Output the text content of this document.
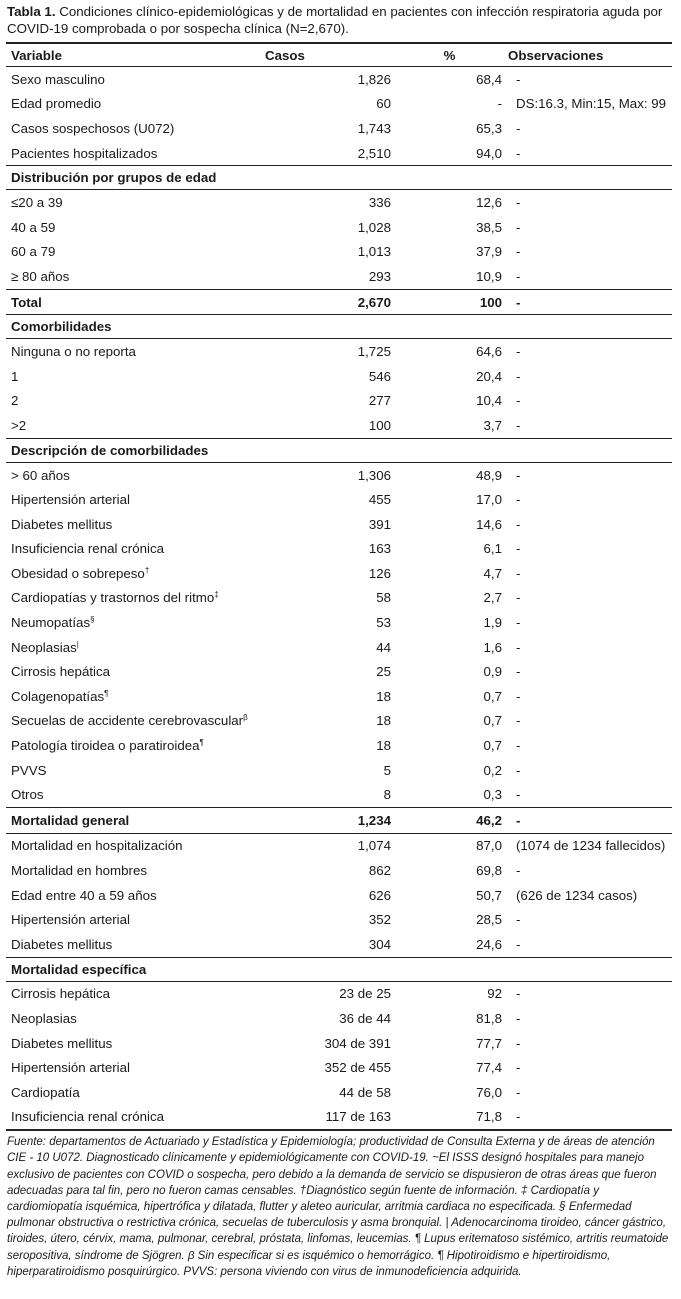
Tabla 1. Condiciones clínico-epidemiológicas y de mortalidad en pacientes con infección respiratoria aguda por COVID-19 comprobada o por sospecha clínica (N=2,670).
Variable	Casos	%	Observaciones
Sexo masculino	1,826	68,4	-
Edad promedio	60	-	DS:16.3, Min:15, Max: 99
Casos sospechosos (U072)	1,743	65,3	-
Pacientes hospitalizados	2,510	94,0	-
Distribución por grupos de edad			
≤20 a 39	336	12,6	-
40 a 59	1,028	38,5	-
60 a 79	1,013	37,9	-
≥ 80 años	293	10,9	-
Total	2,670	100	-
Comorbilidades			
Ninguna o no reporta	1,725	64,6	-
1	546	20,4	-
2	277	10,4	-
>2	100	3,7	-
Descripción de comorbilidades			
> 60 años	1,306	48,9	-
Hipertensión arterial	455	17,0	-
Diabetes mellitus	391	14,6	-
Insuficiencia renal crónica	163	6,1	-
Obesidad o sobrepeso†	126	4,7	-
Cardiopatías y trastornos del ritmo‡	58	2,7	-
Neumopatías§	53	1,9	-
Neoplasias|	44	1,6	-
Cirrosis hepática	25	0,9	-
Colagenopatías¶	18	0,7	-
Secuelas de accidente cerebrovascular$^\beta$	18	0,7	-
Patología tiroidea o paratiroidea¶	18	0,7	-
PVVS	5	0,2	-
Otros	8	0,3	-
Mortalidad general	1,234	46,2	-
Mortalidad en hospitalización	1,074	87,0	(1074 de 1234 fallecidos)
Mortalidad en hombres	862	69,8	-
Edad entre 40 a 59 años	626	50,7	(626 de 1234 casos)
Hipertensión arterial	352	28,5	-
Diabetes mellitus	304	24,6	-
Mortalidad específica			
Cirrosis hepática	23 de 25	92	-
Neoplasias	36 de 44	81,8	-
Diabetes mellitus	304 de 391	77,7	-
Hipertensión arterial	352 de 455	77,4	-
Cardiopatía	44 de 58	76,0	-
Insuficiencia renal crónica	117 de 163	71,8	-
Fuente: departamentos de Actuariado y Estadística y Epidemiología; productividad de Consulta Externa y de áreas de atención CIE - 10 U072. Diagnosticado clínicamente y epidemiológicamente con COVID-19. ~El ISSS designó hospitales para manejo exclusivo de pacientes con COVID o sospecha, pero debido a la demanda de servicio se dispusieron de otras áreas que fueron adecuadas para tal fin, pero no fueron camas censables. †Diagnóstico según fuente de información. ‡ Cardiopatía y cardiomiopatía isquémica, hipertrófica y dilatada, flutter y aleteo auricular, arritmia cardiaca no especificada. § Enfermedad pulmonar obstructiva o restrictiva crónica, secuelas de tuberculosis y asma bronquial. | Adenocarcinoma tiroideo, cáncer gástrico, tiroides, útero, cérvix, mama, pulmonar, cerebral, próstata, linfomas, leucemias. ¶ Lupus eritematoso sistémico, artritis reumatoide seropositiva, síndrome de Sjögren. β Sin especificar si es isquémico o hemorrágico. ¶ Hipotiroidismo e hipertiroidismo, hiperparatiroidismo posquirúrgico. PVVS: persona viviendo con virus de inmunodeficiencia adquirida.
